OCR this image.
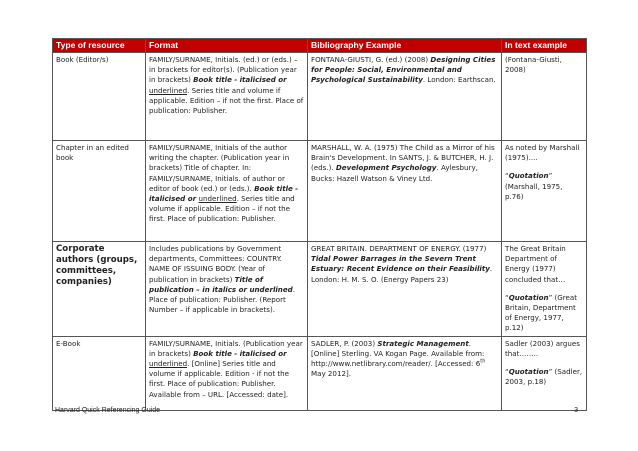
Type of resource	Format	Bibliography Example	In text example
Book (Editor/s)	FAMILY/SURNAME, Initials. (ed.) or (eds.) – in brackets for editor(s). (Publication year in brackets) Book title - italicised or underlined. Series title and volume if applicable. Edition – if not the first. Place of publication: Publisher.	FONTANA-GIUSTI, G. (ed.) (2008) Designing Cities for People: Social, Environmental and Psychological Sustainability. London: Earthscan.	(Fontana-Giusti, 2008)
Chapter in an edited book	FAMILY/SURNAME, Initials of the author writing the chapter. (Publication year in brackets) Title of chapter. In: FAMILY/SURNAME, Initials. of author or editor of book (ed.) or (eds.). Book title - italicised or underlined. Series title and volume if applicable. Edition – if not the first. Place of publication: Publisher.	MARSHALL, W. A. (1975) The Child as a Mirror of his Brain's Development. In SANTS, J. & BUTCHER, H. J. (eds.). Development Psychology. Aylesbury, Bucks: Hazell Watson & Viney Ltd.	As noted by Marshall (1975)....
“Quotation” (Marshall, 1975, p.76)
Corporate authors (groups, committees, companies)	Includes publications by Government departments, Committees: COUNTRY. NAME OF ISSUING BODY. (Year of publication in brackets) Title of publication – in italics or underlined. Place of publication: Publisher. (Report Number – if applicable in brackets).	GREAT BRITAIN. DEPARTMENT OF ENERGY. (1977) Tidal Power Barrages in the Severn Trent Estuary: Recent Evidence on their Feasibility. London: H. M. S. O. (Energy Papers 23)	The Great Britain Department of Energy (1977) concluded that…
“Quotation” (Great Britain, Department of Energy, 1977, p.12)
E-Book	FAMILY/SURNAME, Initials. (Publication year in brackets) Book title - italicised or underlined. [Online] Series title and volume if applicable. Edition - if not the first. Place of publication: Publisher. Available from – URL. [Accessed: date].	SADLER, P. (2003) Strategic Management. [Online] Sterling. VA Kogan Page. Available from: http://www.netlibrary.com/reader/. [Accessed: 6th May 2012].	Sadler (2003) argues that……..
“Quotation” (Sadler, 2003, p.18)
Harvard Quick Referencing Guide	3
